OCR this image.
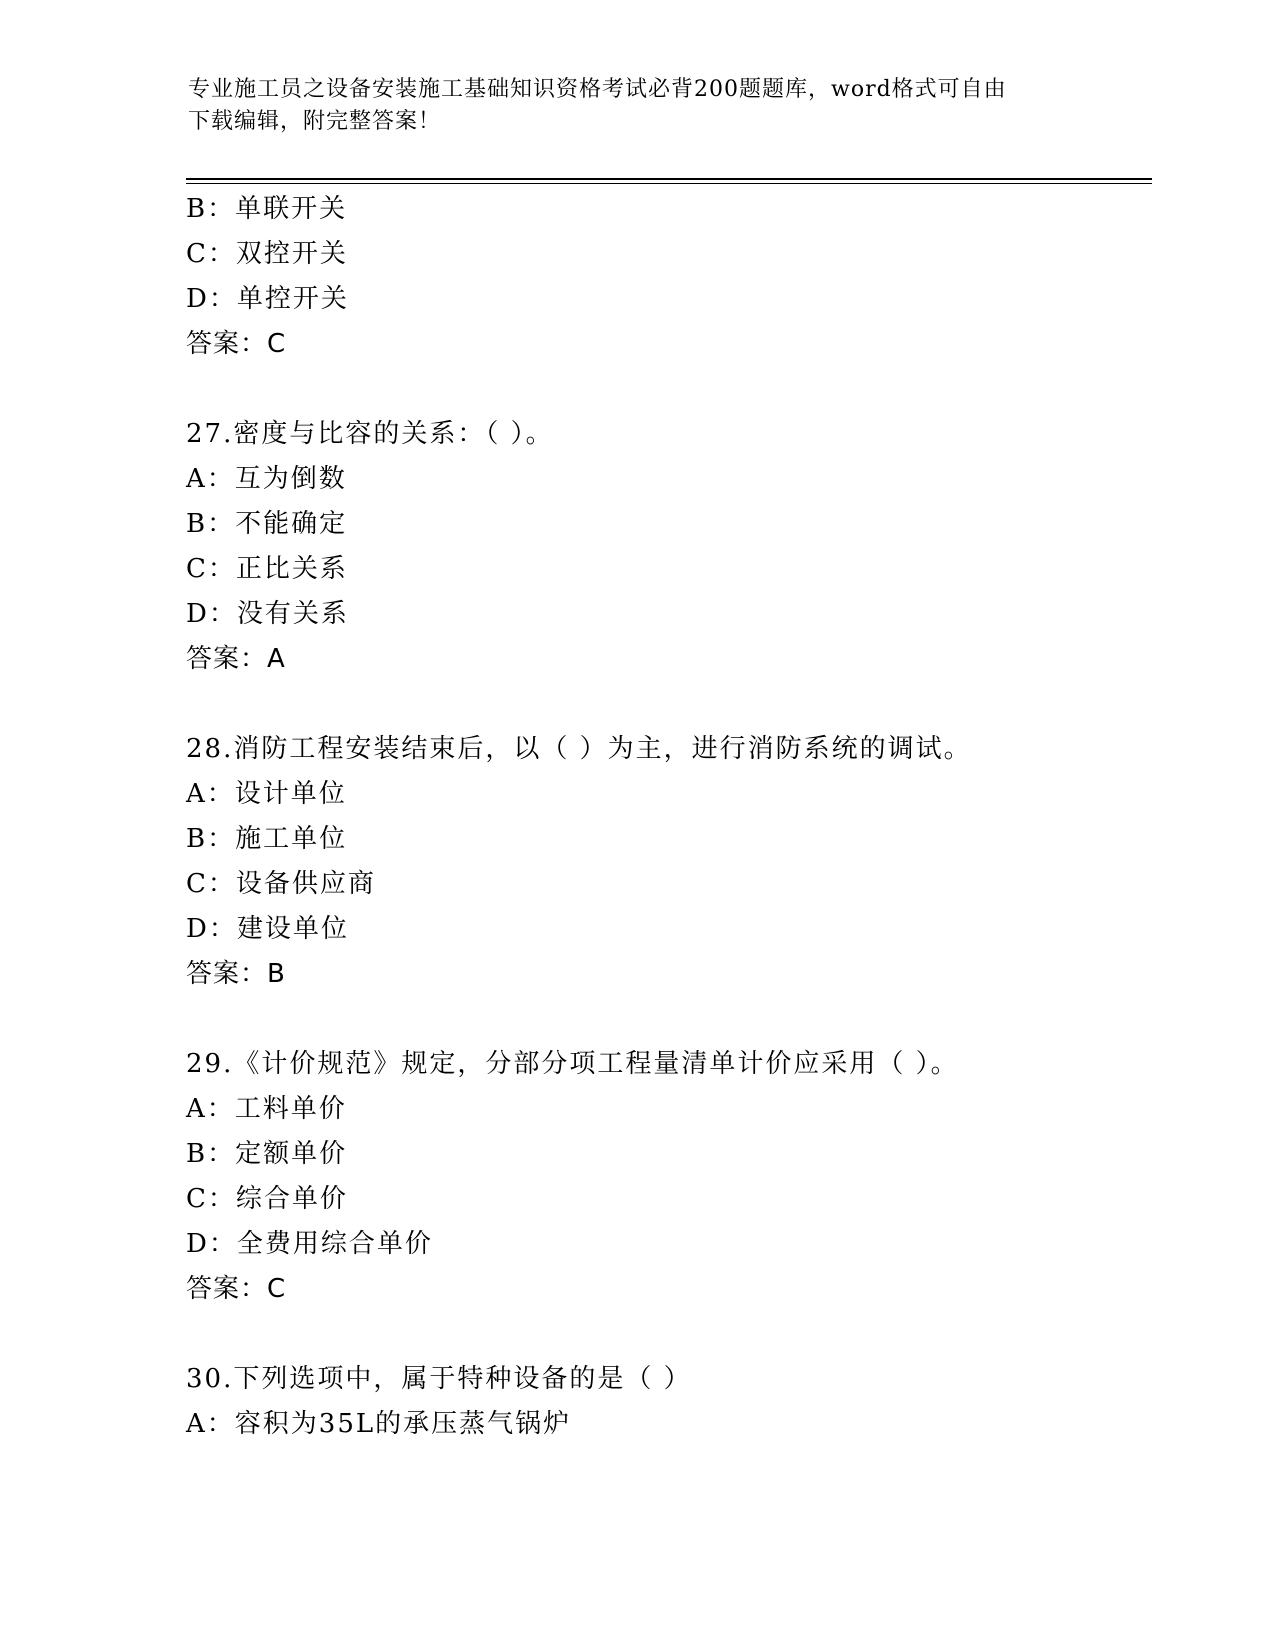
专业施工员之设备安装施工基础知识资格考试必背200题题库，word格式可自由
下载编辑，附完整答案！
B：单联开关
C：双控开关
D：单控开关
答案：C
27.密度与比容的关系：（ ）。
A：互为倒数
B：不能确定
C：正比关系
D：没有关系
答案：A
28.消防工程安装结束后，以（ ）为主，进行消防系统的调试。
A：设计单位
B：施工单位
C：设备供应商
D：建设单位
答案：B
29.《计价规范》规定，分部分项工程量清单计价应采用（ ）。
A：工料单价
B：定额单价
C：综合单价
D：全费用综合单价
答案：C
30.下列选项中，属于特种设备的是（ ）
A：容积为35L的承压蒸气锅炉
